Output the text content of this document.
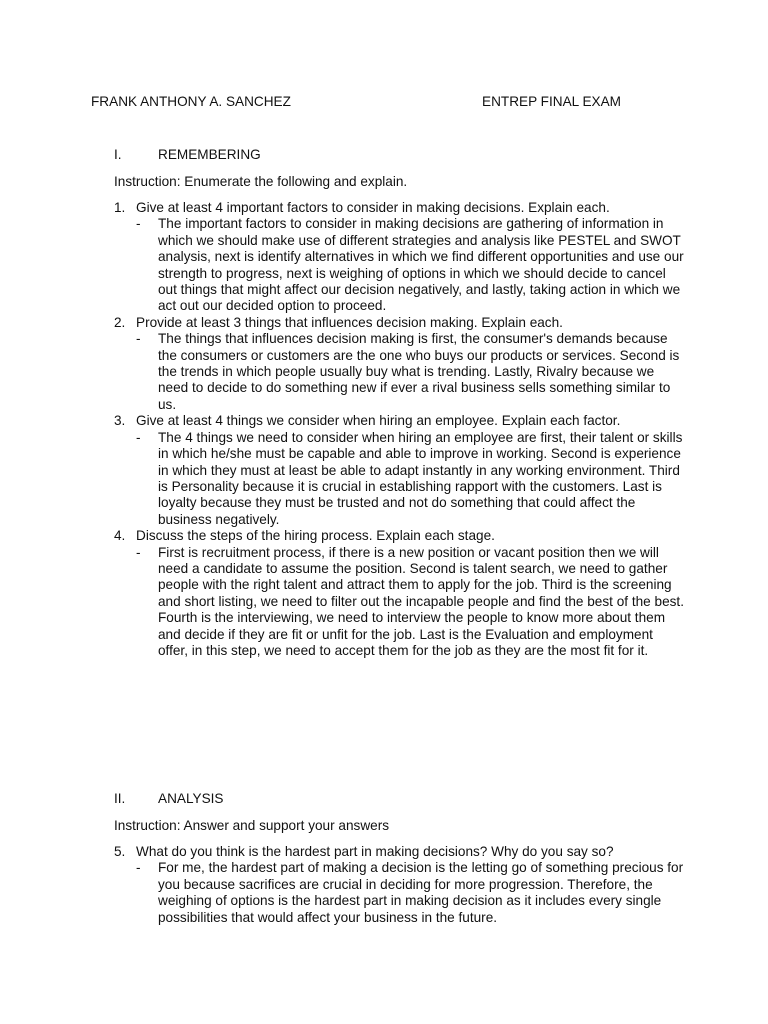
FRANK ANTHONY A. SANCHEZ	ENTREP FINAL EXAM
I.	REMEMBERING
Instruction: Enumerate the following and explain.
1. Give at least 4 important factors to consider in making decisions. Explain each.
- The important factors to consider in making decisions are gathering of information in which we should make use of different strategies and analysis like PESTEL and SWOT analysis, next is identify alternatives in which we find different opportunities and use our strength to progress, next is weighing of options in which we should decide to cancel out things that might affect our decision negatively, and lastly, taking action in which we act out our decided option to proceed.
2. Provide at least 3 things that influences decision making. Explain each.
- The things that influences decision making is first, the consumer's demands because the consumers or customers are the one who buys our products or services. Second is the trends in which people usually buy what is trending. Lastly, Rivalry because we need to decide to do something new if ever a rival business sells something similar to us.
3. Give at least 4 things we consider when hiring an employee. Explain each factor.
- The 4 things we need to consider when hiring an employee are first, their talent or skills in which he/she must be capable and able to improve in working. Second is experience in which they must at least be able to adapt instantly in any working environment. Third is Personality because it is crucial in establishing rapport with the customers. Last is loyalty because they must be trusted and not do something that could affect the business negatively.
4. Discuss the steps of the hiring process. Explain each stage.
- First is recruitment process, if there is a new position or vacant position then we will need a candidate to assume the position. Second is talent search, we need to gather people with the right talent and attract them to apply for the job. Third is the screening and short listing, we need to filter out the incapable people and find the best of the best. Fourth is the interviewing, we need to interview the people to know more about them and decide if they are fit or unfit for the job. Last is the Evaluation and employment offer, in this step, we need to accept them for the job as they are the most fit for it.
II. ANALYSIS
Instruction: Answer and support your answers
5. What do you think is the hardest part in making decisions? Why do you say so?
- For me, the hardest part of making a decision is the letting go of something precious for you because sacrifices are crucial in deciding for more progression. Therefore, the weighing of options is the hardest part in making decision as it includes every single possibilities that would affect your business in the future.
